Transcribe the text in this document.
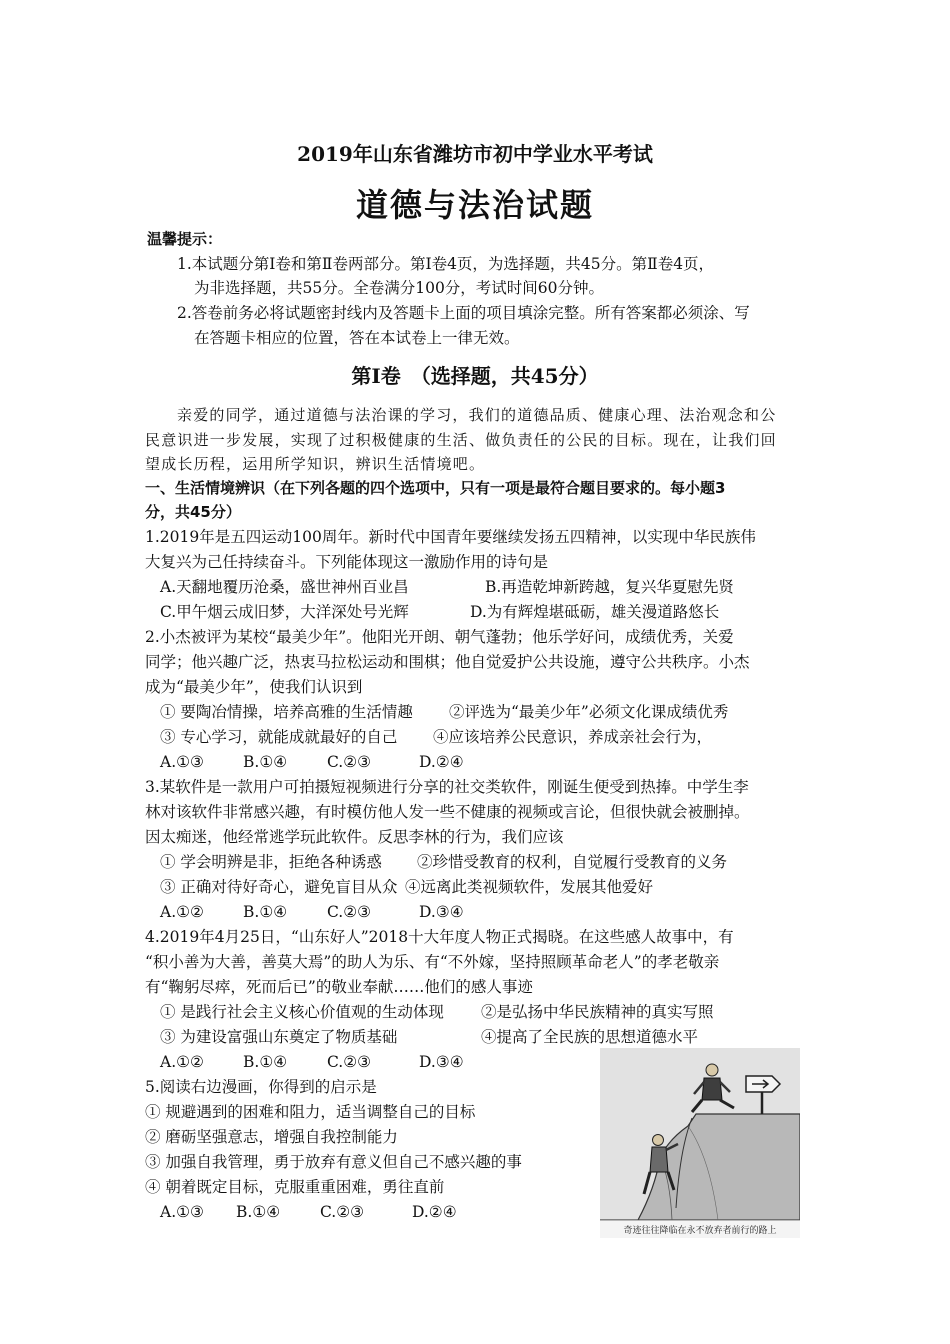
2019年山东省潍坊市初中学业水平考试
道德与法治试题
温馨提示：
1.本试题分第Ⅰ卷和第Ⅱ卷两部分。第Ⅰ卷4页，为选择题，共45分。第Ⅱ卷4页，
为非选择题，共55分。全卷满分100分，考试时间60分钟。
2.答卷前务必将试题密封线内及答题卡上面的项目填涂完整。所有答案都必须涂、写
在答题卡相应的位置，答在本试卷上一律无效。
第Ⅰ卷　（选择题，共45分）
亲爱的同学，通过道德与法治课的学习，我们的道德品质、健康心理、法治观念和公
民意识进一步发展，实现了过积极健康的生活、做负责任的公民的目标。现在，让我们回
望成长历程，运用所学知识，辨识生活情境吧。
一、生活情境辨识（在下列各题的四个选项中，只有一项是最符合题目要求的。每小题3
分，共45分）
1.2019年是五四运动100周年。新时代中国青年要继续发扬五四精神，以实现中华民族伟
大复兴为己任持续奋斗。下列能体现这一激励作用的诗句是
A.天翻地覆历沧桑，盛世神州百业昌	B.再造乾坤新跨越，复兴华夏慰先贤
C.甲午烟云成旧梦，大洋深处号光辉	D.为有辉煌堪砥砺，雄关漫道路悠长
2.小杰被评为某校“最美少年”。他阳光开朗、朝气蓬勃；他乐学好问，成绩优秀，关爱
同学；他兴趣广泛，热衷马拉松运动和围棋；他自觉爱护公共设施，遵守公共秩序。小杰
成为“最美少年”，使我们认识到
① 要陶冶情操，培养高雅的生活情趣 ②评选为“最美少年”必须文化课成绩优秀
③ 专心学习，就能成就最好的自己 ④应该培养公民意识，养成亲社会行为，
A.①③	B.①④	C.②③	D.②④
3.某软件是一款用户可拍摄短视频进行分享的社交类软件，刚诞生便受到热捧。中学生李
林对该软件非常感兴趣，有时模仿他人发一些不健康的视频或言论，但很快就会被删掉。
因太痴迷，他经常逃学玩此软件。反思李林的行为，我们应该
① 学会明辨是非，拒绝各种诱惑 ②珍惜受教育的权利，自觉履行受教育的义务
③ 正确对待好奇心，避免盲目从众 ④远离此类视频软件，发展其他爱好
A.①②	B.①④	C.②③	D.③④
4.2019年4月25日，“山东好人”2018十大年度人物正式揭晓。在这些感人故事中，有
“积小善为大善，善莫大焉”的助人为乐、有“不外嫁，坚持照顾革命老人”的孝老敬亲
有“鞠躬尽瘁，死而后已”的敬业奉献……他们的感人事迹
① 是践行社会主义核心价值观的生动体现 ②是弘扬中华民族精神的真实写照
③ 为建设富强山东奠定了物质基础	④提高了全民族的思想道德水平
A.①②	B.①④	C.②③	D.③④
5.阅读右边漫画，你得到的启示是
① 规避遇到的困难和阻力，适当调整自己的目标
② 磨砺坚强意志，增强自我控制能力
③ 加强自我管理，勇于放弃有意义但自己不感兴趣的事
④ 朝着既定目标，克服重重困难，勇往直前
A.①③ B.①④	C.②③	D.②④
奇迹往往降临在永不放弃者前行的路上
